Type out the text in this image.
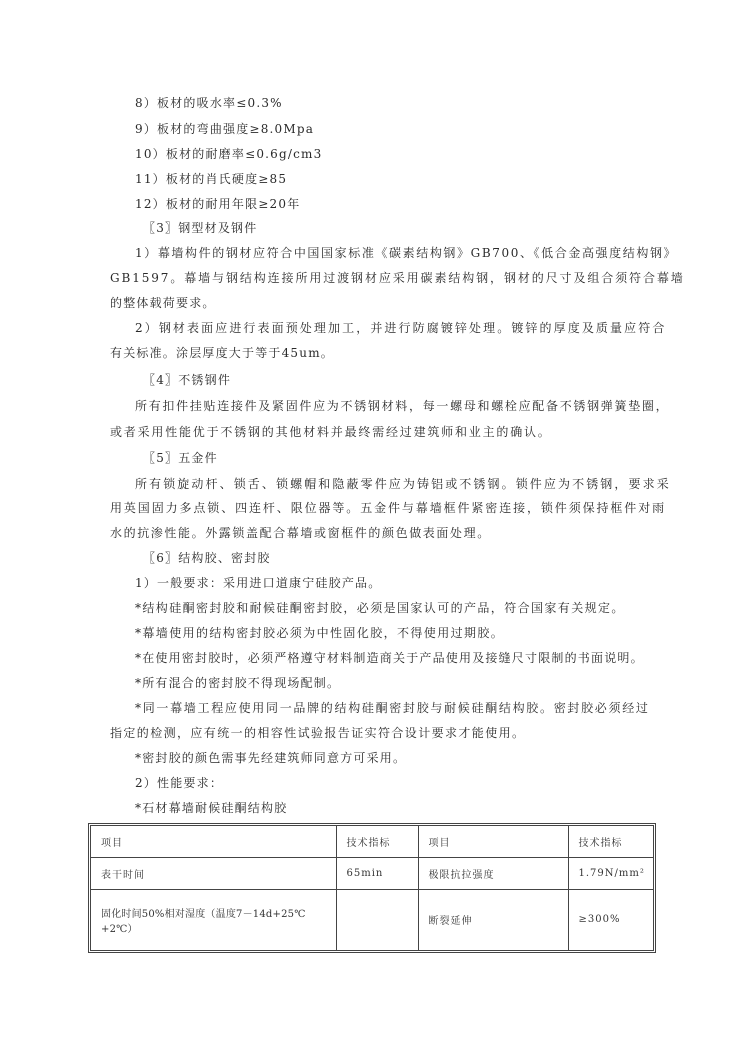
8）板材的吸水率≤0.3%
9）板材的弯曲强度≥8.0Mpa
10）板材的耐磨率≤0.6g/cm3
11）板材的肖氏硬度≥85
12）板材的耐用年限≥20年
〖3〗钢型材及钢件
1）幕墙构件的钢材应符合中国国家标准《碳素结构钢》GB700、《低合金高强度结构钢》
GB1597。幕墙与钢结构连接所用过渡钢材应采用碳素结构钢，钢材的尺寸及组合须符合幕墙
的整体载荷要求。
2）钢材表面应进行表面预处理加工，并进行防腐镀锌处理。镀锌的厚度及质量应符合
有关标准。涂层厚度大于等于45um。
〖4〗不锈钢件
所有扣件挂贴连接件及紧固件应为不锈钢材料，每一螺母和螺栓应配备不锈钢弹簧垫圈，
或者采用性能优于不锈钢的其他材料并最终需经过建筑师和业主的确认。
〖5〗五金件
所有锁旋动杆、锁舌、锁螺帽和隐蔽零件应为铸铝或不锈钢。锁件应为不锈钢，要求采
用英国固力多点锁、四连杆、限位器等。五金件与幕墙框件紧密连接，锁件须保持框件对雨
水的抗渗性能。外露锁盖配合幕墙或窗框件的颜色做表面处理。
〖6〗结构胶、密封胶
1）一般要求：采用进口道康宁硅胶产品。
*结构硅酮密封胶和耐候硅酮密封胶，必须是国家认可的产品，符合国家有关规定。
*幕墙使用的结构密封胶必须为中性固化胶，不得使用过期胶。
*在使用密封胶时，必须严格遵守材料制造商关于产品使用及接缝尺寸限制的书面说明。
*所有混合的密封胶不得现场配制。
*同一幕墙工程应使用同一品牌的结构硅酮密封胶与耐候硅酮结构胶。密封胶必须经过
指定的检测，应有统一的相容性试验报告证实符合设计要求才能使用。
*密封胶的颜色需事先经建筑师同意方可采用。
2）性能要求：
*石材幕墙耐候硅酮结构胶
项目	技术指标	项目	技术指标
表干时间	65min	极限抗拉强度	1.79N/mm²
固化时间50%相对湿度（温度7－14d+25℃+2℃）		断裂延伸	≥300%
